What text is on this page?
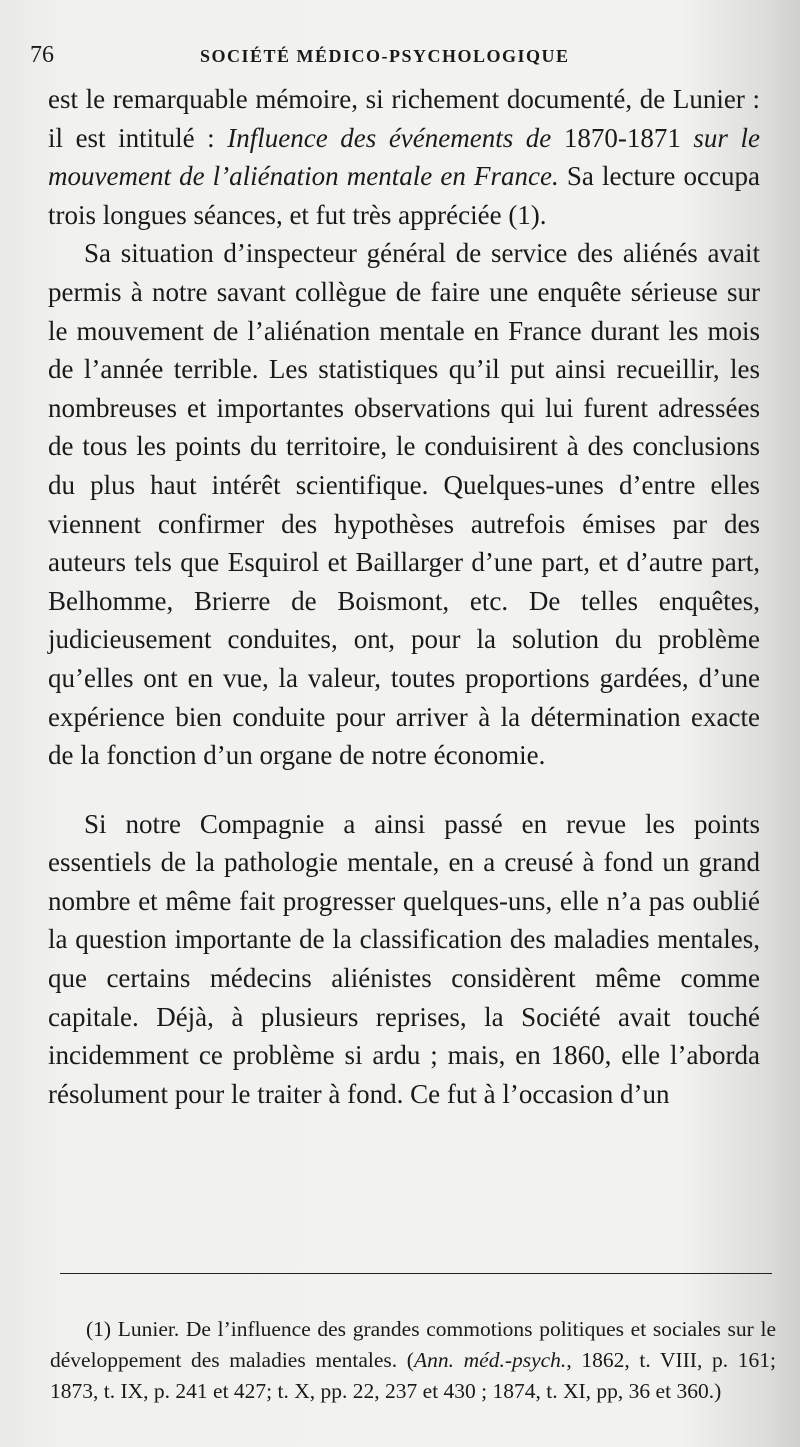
76	SOCIÉTÉ MÉDICO-PSYCHOLOGIQUE

est le remarquable mémoire, si richement documenté, de Lunier : il est intitulé : Influence des événements de 1870-1871 sur le mouvement de l’aliénation mentale en France. Sa lecture occupa trois longues séances, et fut très appréciée (1).

Sa situation d’inspecteur général de service des aliénés avait permis à notre savant collègue de faire une enquête sérieuse sur le mouvement de l’aliénation mentale en France durant les mois de l’année terrible. Les statistiques qu’il put ainsi recueillir, les nombreuses et importantes observations qui lui furent adressées de tous les points du territoire, le conduisirent à des conclusions du plus haut intérêt scientifique. Quelques-unes d’entre elles viennent confirmer des hypothèses autrefois émises par des auteurs tels que Esquirol et Baillarger d’une part, et d’autre part, Belhomme, Brierre de Boismont, etc. De telles enquêtes, judicieusement conduites, ont, pour la solution du problème qu’elles ont en vue, la valeur, toutes proportions gardées, d’une expérience bien conduite pour arriver à la détermination exacte de la fonction d’un organe de notre économie.

Si notre Compagnie a ainsi passé en revue les points essentiels de la pathologie mentale, en a creusé à fond un grand nombre et même fait progresser quelques-uns, elle n’a pas oublié la question importante de la classification des maladies mentales, que certains médecins aliénistes considèrent même comme capitale. Déjà, à plusieurs reprises, la Société avait touché incidemment ce problème si ardu ; mais, en 1860, elle l’aborda résolument pour le traiter à fond. Ce fut à l’occasion d’un

(1) Lunier. De l’influence des grandes commotions politiques et sociales sur le développement des maladies mentales. (Ann. méd.-psych., 1862, t. VIII, p. 161; 1873, t. IX, p. 241 et 427; t. X, pp. 22, 237 et 430 ; 1874, t. XI, pp, 36 et 360.)
